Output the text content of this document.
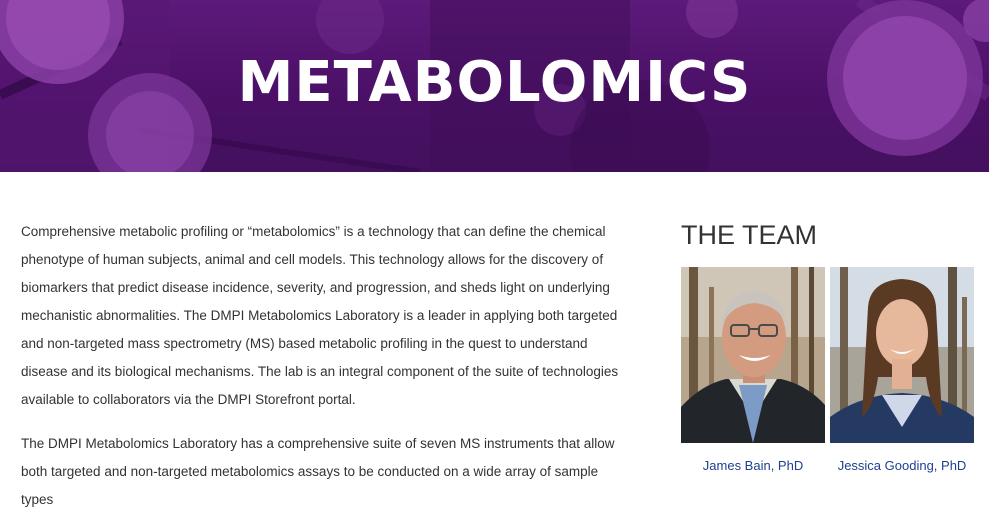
METABOLOMICS

Comprehensive metabolic profiling or “metabolomics” is a technology that can define the chemical phenotype of human subjects, animal and cell models. This technology allows for the discovery of biomarkers that predict disease incidence, severity, and progression, and sheds light on underlying mechanistic abnormalities. The DMPI Metabolomics Laboratory is a leader in applying both targeted and non-targeted mass spectrometry (MS) based metabolic profiling in the quest to understand disease and its biological mechanisms. The lab is an integral component of the suite of technologies available to collaborators via the DMPI Storefront portal.

The DMPI Metabolomics Laboratory has a comprehensive suite of seven MS instruments that allow both targeted and non-targeted metabolomics assays to be conducted on a wide array of sample types

THE TEAM
James Bain, PhD	Jessica Gooding, PhD
